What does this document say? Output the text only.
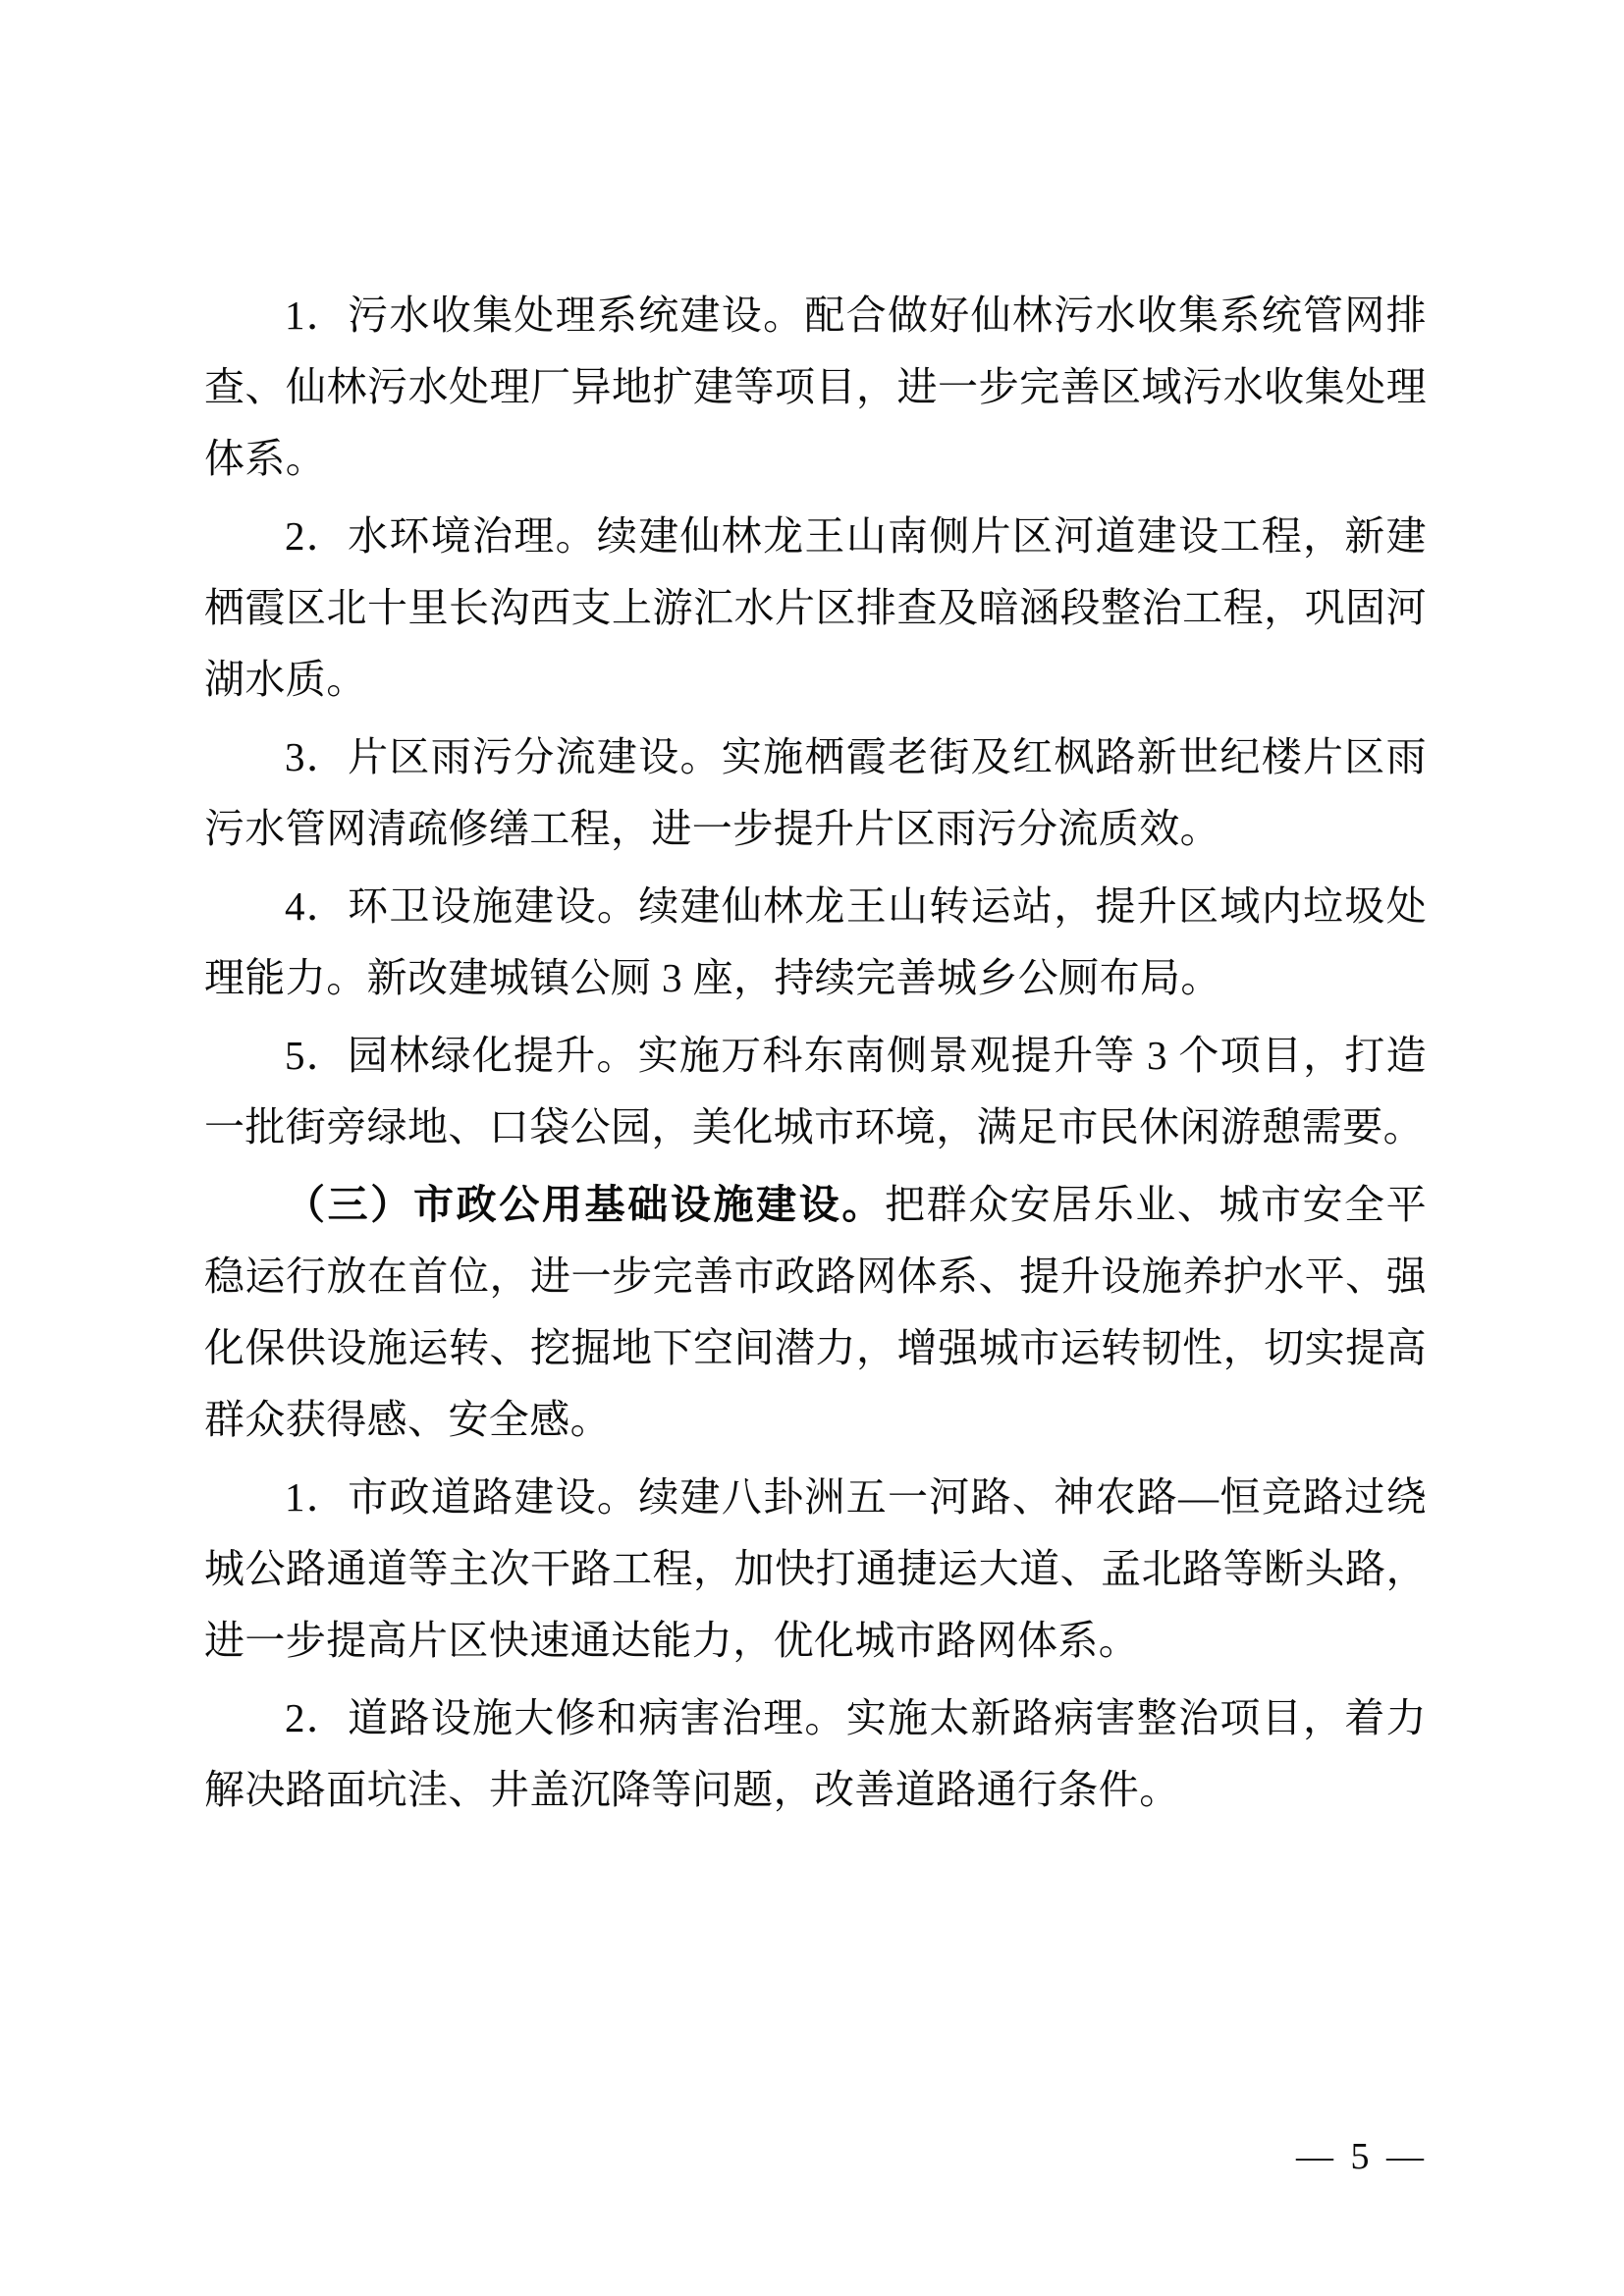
1．污水收集处理系统建设。配合做好仙林污水收集系统管网排查、仙林污水处理厂异地扩建等项目，进一步完善区域污水收集处理体系。

2．水环境治理。续建仙林龙王山南侧片区河道建设工程，新建栖霞区北十里长沟西支上游汇水片区排查及暗涵段整治工程，巩固河湖水质。

3．片区雨污分流建设。实施栖霞老街及红枫路新世纪楼片区雨污水管网清疏修缮工程，进一步提升片区雨污分流质效。

4．环卫设施建设。续建仙林龙王山转运站，提升区域内垃圾处理能力。新改建城镇公厕 3 座，持续完善城乡公厕布局。

5．园林绿化提升。实施万科东南侧景观提升等 3 个项目，打造一批街旁绿地、口袋公园，美化城市环境，满足市民休闲游憩需要。

（三）市政公用基础设施建设。把群众安居乐业、城市安全平稳运行放在首位，进一步完善市政路网体系、提升设施养护水平、强化保供设施运转、挖掘地下空间潜力，增强城市运转韧性，切实提高群众获得感、安全感。

1．市政道路建设。续建八卦洲五一河路、神农路—恒竞路过绕城公路通道等主次干路工程，加快打通捷运大道、孟北路等断头路，进一步提高片区快速通达能力，优化城市路网体系。

2．道路设施大修和病害治理。实施太新路病害整治项目，着力解决路面坑洼、井盖沉降等问题，改善道路通行条件。

— 5 —
